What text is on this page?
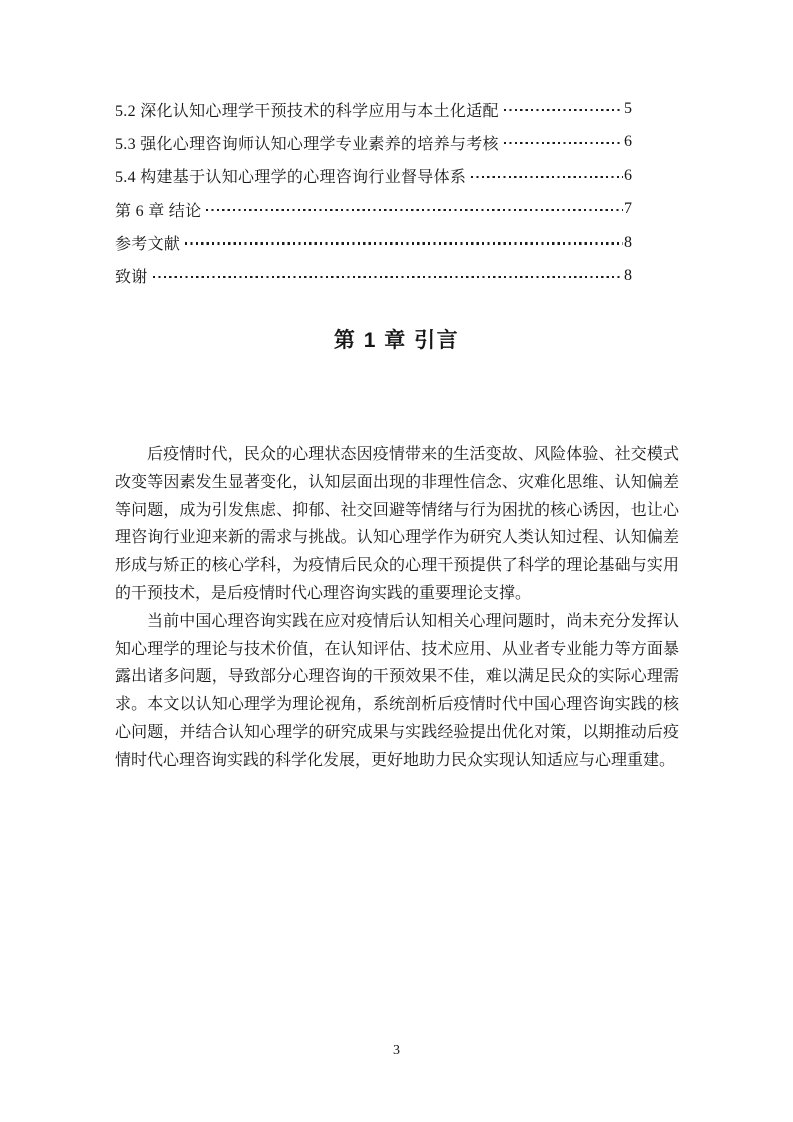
5.2 深化认知心理学干预技术的科学应用与本土化适配	5
5.3 强化心理咨询师认知心理学专业素养的培养与考核	6
5.4 构建基于认知心理学的心理咨询行业督导体系	6
第 6 章 结论	7
参考文献	8
致谢	8
第 1 章 引言

后疫情时代，民众的心理状态因疫情带来的生活变故、风险体验、社交模式改变等因素发生显著变化，认知层面出现的非理性信念、灾难化思维、认知偏差等问题，成为引发焦虑、抑郁、社交回避等情绪与行为困扰的核心诱因，也让心理咨询行业迎来新的需求与挑战。认知心理学作为研究人类认知过程、认知偏差形成与矫正的核心学科，为疫情后民众的心理干预提供了科学的理论基础与实用的干预技术，是后疫情时代心理咨询实践的重要理论支撑。

当前中国心理咨询实践在应对疫情后认知相关心理问题时，尚未充分发挥认知心理学的理论与技术价值，在认知评估、技术应用、从业者专业能力等方面暴露出诸多问题，导致部分心理咨询的干预效果不佳，难以满足民众的实际心理需求。本文以认知心理学为理论视角，系统剖析后疫情时代中国心理咨询实践的核心问题，并结合认知心理学的研究成果与实践经验提出优化对策，以期推动后疫情时代心理咨询实践的科学化发展，更好地助力民众实现认知适应与心理重建。

3
